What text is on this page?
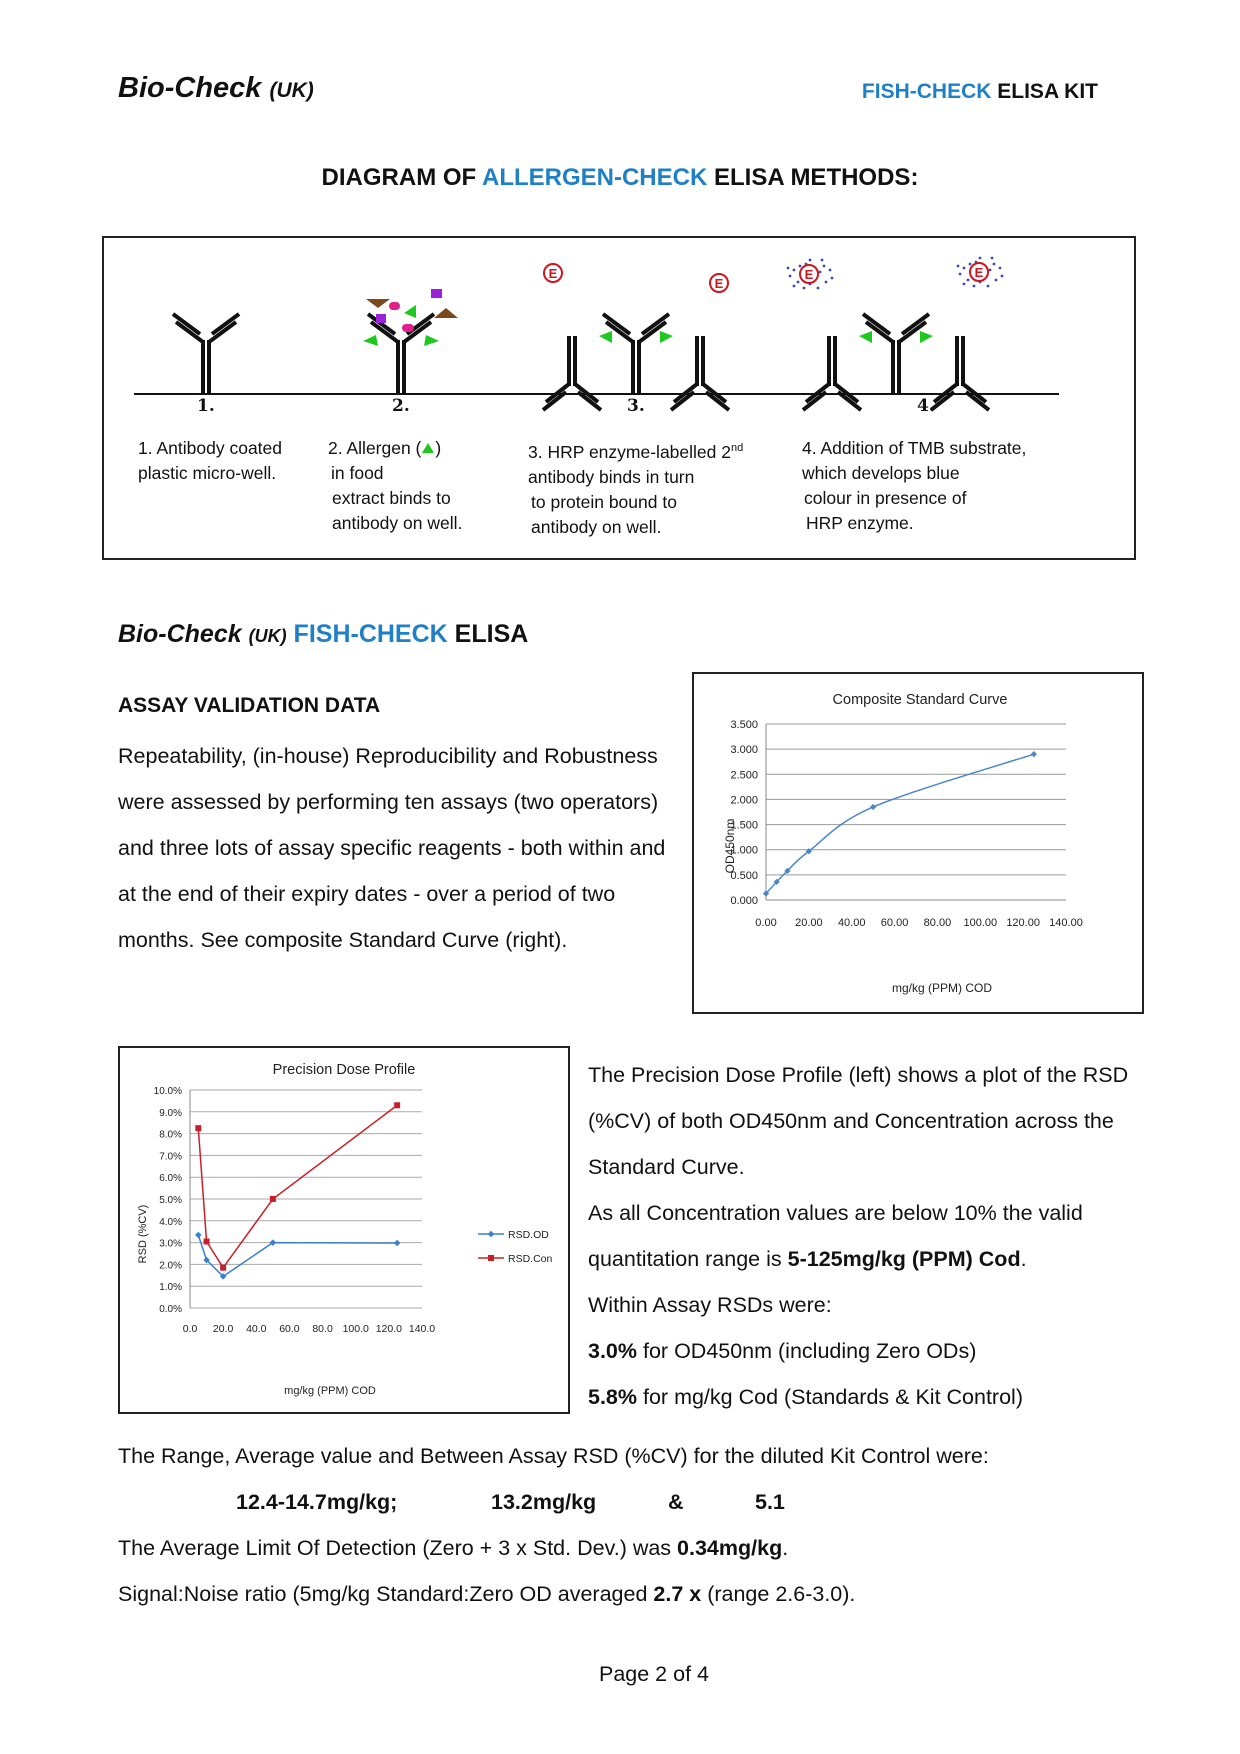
Bio-Check (UK)	FISH-CHECK ELISA KIT
DIAGRAM OF ALLERGEN-CHECK ELISA METHODS:
E
E
E	E
1.	2.	3.	4.
1. Antibody coated
plastic micro-well.
2. Allergen ( )
in food
extract binds to
antibody on well.
3. HRP enzyme-labelled 2nd
antibody binds in turn
to protein bound to
antibody on well.
4. Addition of TMB substrate,
which develops blue
colour in presence of
HRP enzyme.
Bio-Check (UK) FISH-CHECK ELISA
ASSAY VALIDATION DATA
Repeatability, (in-house) Reproducibility and Robustness were assessed by performing ten assays (two operators) and three lots of assay specific reagents - both within and at the end of their expiry dates - over a period of two months. See composite Standard Curve (right).
Composite Standard Curve
OD450nm
mg/kg (PPM) COD
0.000
0.500
1.000
1.500
2.000
2.500
3.000
3.500
0.00 20.00 40.00 60.00 80.00 100.00 120.00 140.00
Precision Dose Profile
RSD (%CV)
mg/kg (PPM) COD
0.0%
1.0%
2.0%
3.0%
4.0%
5.0%
6.0%
7.0%
8.0%
9.0%
10.0%
0.0 20.0 40.0 60.0 80.0 100.0 120.0 140.0
RSD.OD
RSD.Con

The Precision Dose Profile (left) shows a plot of the RSD (%CV) of both OD450nm and Concentration across the Standard Curve.

As all Concentration values are below 10% the valid quantitation range is 5-125mg/kg (PPM) Cod.

Within Assay RSDs were:

3.0% for OD450nm (including Zero ODs)

5.8% for mg/kg Cod (Standards & Kit Control)

The Range, Average value and Between Assay RSD (%CV) for the diluted Kit Control were:
12.4-14.7mg/kg;	13.2mg/kg	&	5.1
The Average Limit Of Detection (Zero + 3 x Std. Dev.) was 0.34mg/kg.
Signal:Noise ratio (5mg/kg Standard:Zero OD averaged 2.7 x (range 2.6-3.0).
Page 2 of 4
